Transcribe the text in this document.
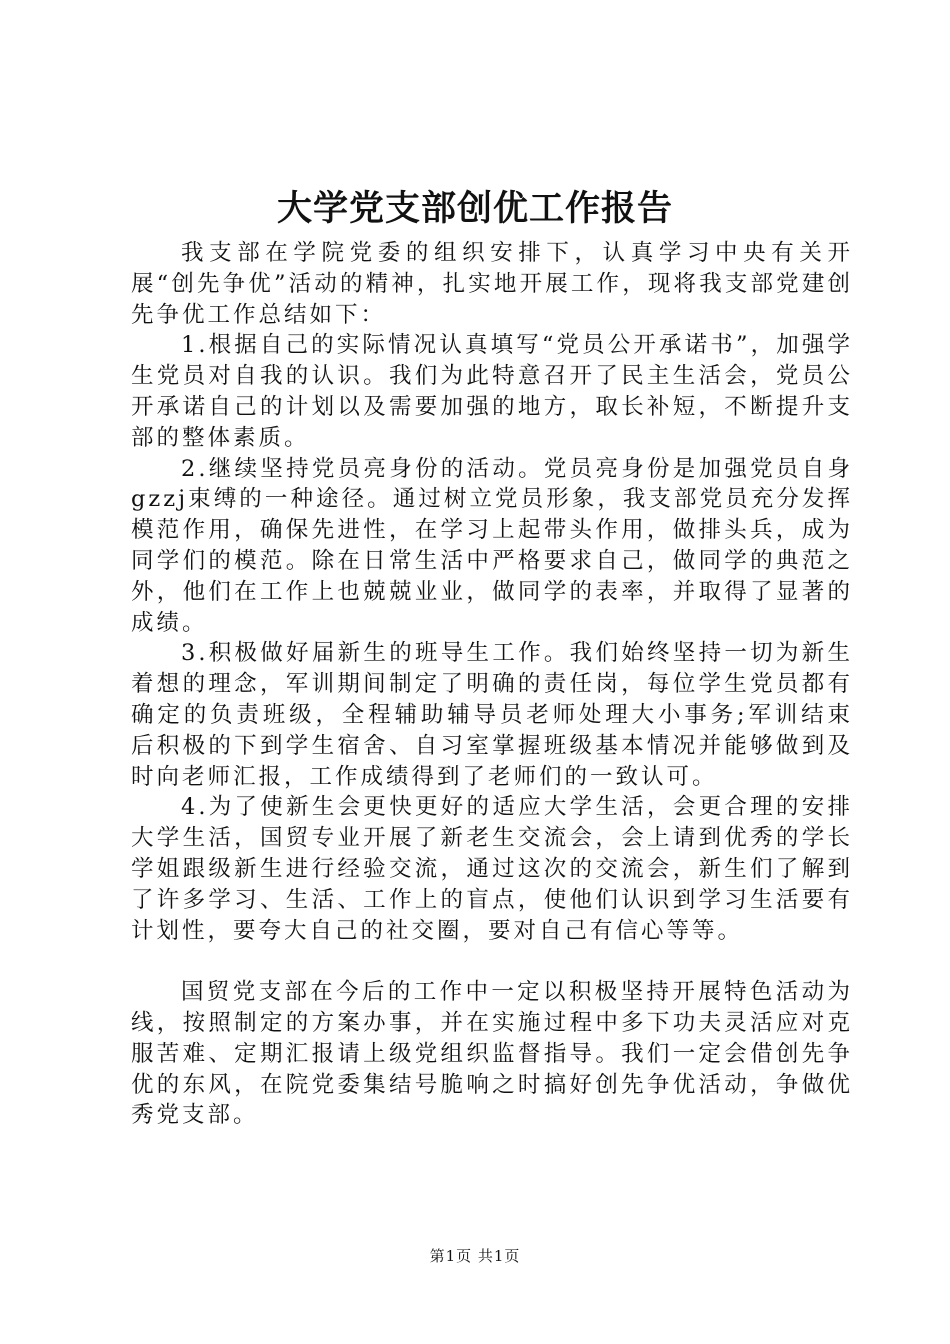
大学党支部创优工作报告

我支部在学院党委的组织安排下，认真学习中央有关开展“创先争优”活动的精神，扎实地开展工作，现将我支部党建创先争优工作总结如下：

1.根据自己的实际情况认真填写“党员公开承诺书”，加强学生党员对自我的认识。我们为此特意召开了民主生活会，党员公开承诺自己的计划以及需要加强的地方，取长补短，不断提升支部的整体素质。

2.继续坚持党员亮身份的活动。党员亮身份是加强党员自身gzzj束缚的一种途径。通过树立党员形象，我支部党员充分发挥模范作用，确保先进性，在学习上起带头作用，做排头兵，成为同学们的模范。除在日常生活中严格要求自己，做同学的典范之外，他们在工作上也兢兢业业，做同学的表率，并取得了显著的成绩。

3.积极做好届新生的班导生工作。我们始终坚持一切为新生着想的理念，军训期间制定了明确的责任岗，每位学生党员都有确定的负责班级，全程辅助辅导员老师处理大小事务;军训结束后积极的下到学生宿舍、自习室掌握班级基本情况并能够做到及时向老师汇报，工作成绩得到了老师们的一致认可。

4.为了使新生会更快更好的适应大学生活，会更合理的安排大学生活，国贸专业开展了新老生交流会，会上请到优秀的学长学姐跟级新生进行经验交流，通过这次的交流会，新生们了解到了许多学习、生活、工作上的盲点，使他们认识到学习生活要有计划性，要夸大自己的社交圈，要对自己有信心等等。

国贸党支部在今后的工作中一定以积极坚持开展特色活动为线，按照制定的方案办事，并在实施过程中多下功夫灵活应对克服苦难、定期汇报请上级党组织监督指导。我们一定会借创先争优的东风，在院党委集结号脆响之时搞好创先争优活动，争做优秀党支部。

第1页 共1页
